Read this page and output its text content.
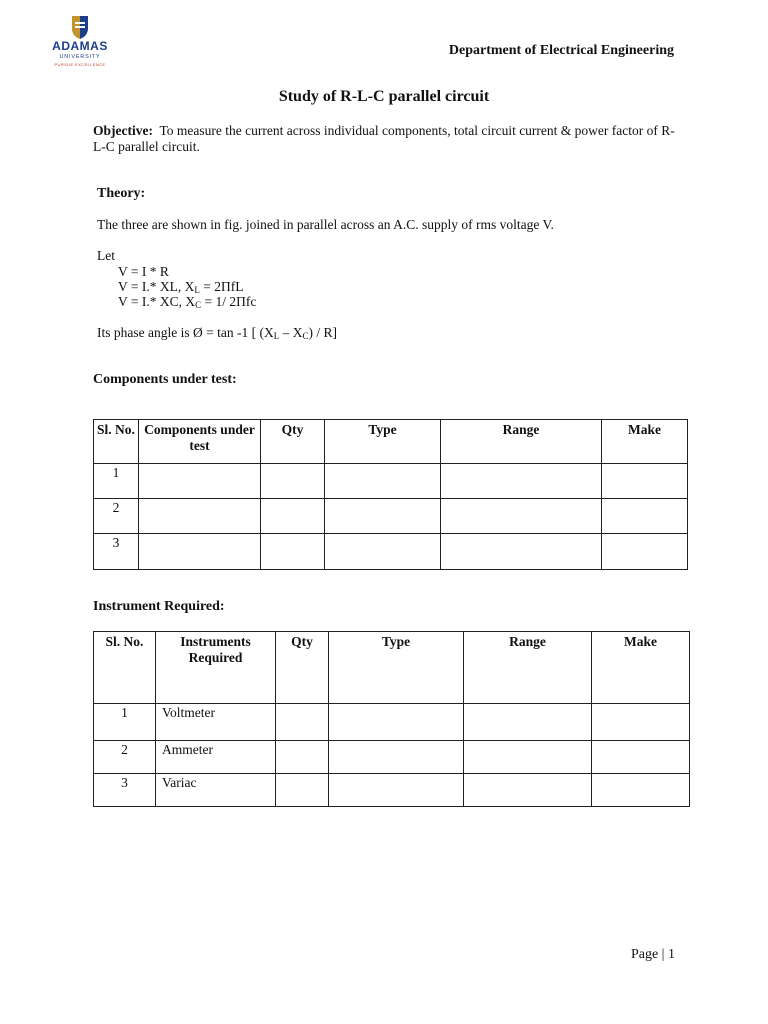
ADAMAS
UNIVERSITY
PURSUE EXCELLENCE
Department of Electrical Engineering
Study of R-L-C parallel circuit
Objective: To measure the current across individual components, total circuit current & power factor of R-L-C parallel circuit.
Theory:
The three are shown in fig. joined in parallel across an A.C. supply of rms voltage V.
Let
V = I * R
V = I.* XL, $X_L = 2\Pi fL$
V = I.* XC, $X_C = 1/$ 2Πfc
Its phase angle is Ø = tan -1 [ $(X_L - X_C) / R$]
Components under test:
Sl. No.	Components under test	Qty	Type	Range	Make
1					
2					
3					
Instrument Required:
Sl. No.	Instruments Required	Qty	Type	Range	Make
1	Voltmeter				
2	Ammeter				
3	Variac				
Page | 1
